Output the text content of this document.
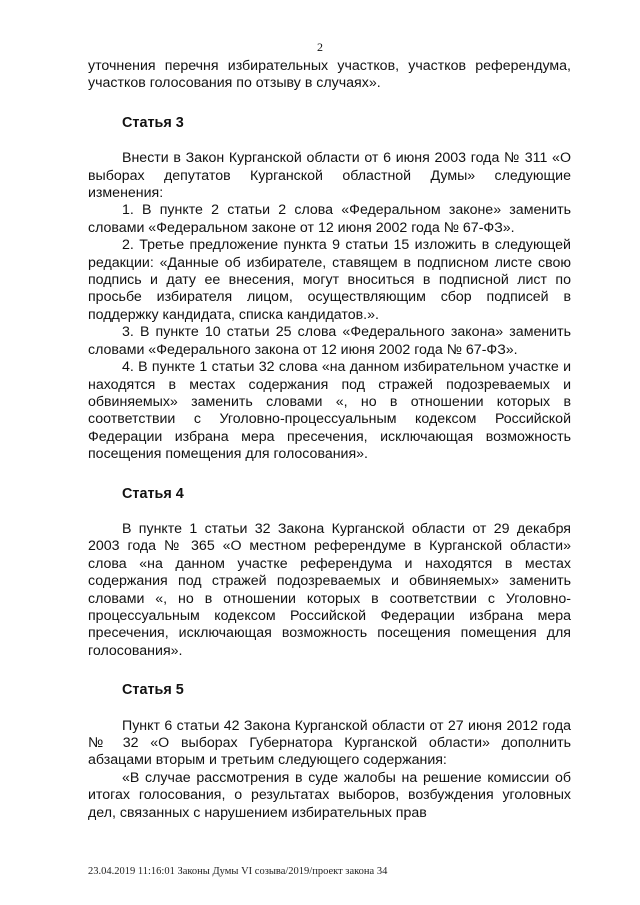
2

уточнения перечня избирательных участков, участков референдума, участков голосования по отзыву в случаях».

Статья 3

Внести в Закон Курганской области от 6 июня 2003 года № 311 «О выборах депутатов Курганской областной Думы» следующие изменения:

1. В пункте 2 статьи 2 слова «Федеральном законе» заменить словами «Федеральном законе от 12 июня 2002 года № 67-ФЗ».

2. Третье предложение пункта 9 статьи 15 изложить в следующей редакции: «Данные об избирателе, ставящем в подписном листе свою подпись и дату ее внесения, могут вноситься в подписной лист по просьбе избирателя лицом, осуществляющим сбор подписей в поддержку кандидата, списка кандидатов.».

3. В пункте 10 статьи 25 слова «Федерального закона» заменить словами «Федерального закона от 12 июня 2002 года № 67-ФЗ».

4. В пункте 1 статьи 32 слова «на данном избирательном участке и находятся в местах содержания под стражей подозреваемых и обвиняемых» заменить словами «, но в отношении которых в соответствии с Уголовно-процессуальным кодексом Российской Федерации избрана мера пресечения, исключающая возможность посещения помещения для голосования».

Статья 4

В пункте 1 статьи 32 Закона Курганской области от 29 декабря 2003 года № 365 «О местном референдуме в Курганской области» слова «на данном участке референдума и находятся в местах содержания под стражей подозреваемых и обвиняемых» заменить словами «, но в отношении которых в соответствии с Уголовно-процессуальным кодексом Российской Федерации избрана мера пресечения, исключающая возможность посещения помещения для голосования».

Статья 5

Пункт 6 статьи 42 Закона Курганской области от 27 июня 2012 года № 32 «О выборах Губернатора Курганской области» дополнить абзацами вторым и третьим следующего содержания:

«В случае рассмотрения в суде жалобы на решение комиссии об итогах голосования, о результатах выборов, возбуждения уголовных дел, связанных с нарушением избирательных прав

23.04.2019 11:16:01 Законы Думы VI созыва/2019/проект закона 34
